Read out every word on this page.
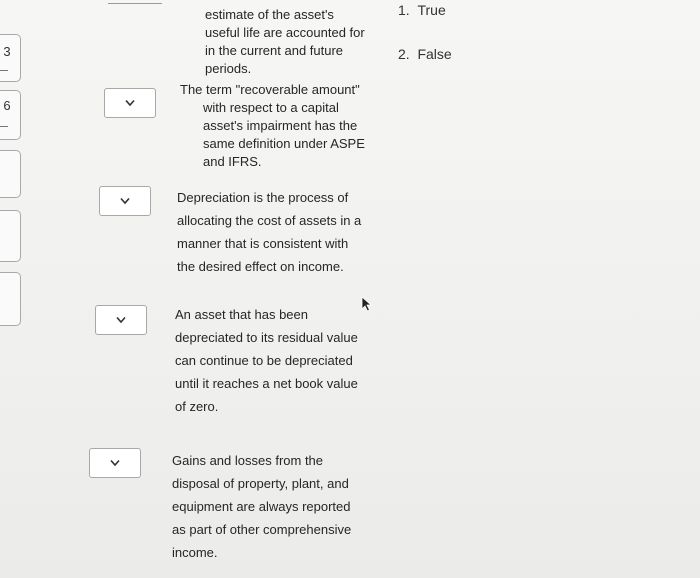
3
6
estimate of the asset's
useful life are accounted for
in the current and future
periods.
The term "recoverable amount"
with respect to a capital
asset's impairment has the
same definition under ASPE
and IFRS.
Depreciation is the process of
allocating the cost of assets in a
manner that is consistent with
the desired effect on income.
An asset that has been
depreciated to its residual value
can continue to be depreciated
until it reaches a net book value
of zero.
Gains and losses from the
disposal of property, plant, and
equipment are always reported
as part of other comprehensive
income.
1. True
2. False
